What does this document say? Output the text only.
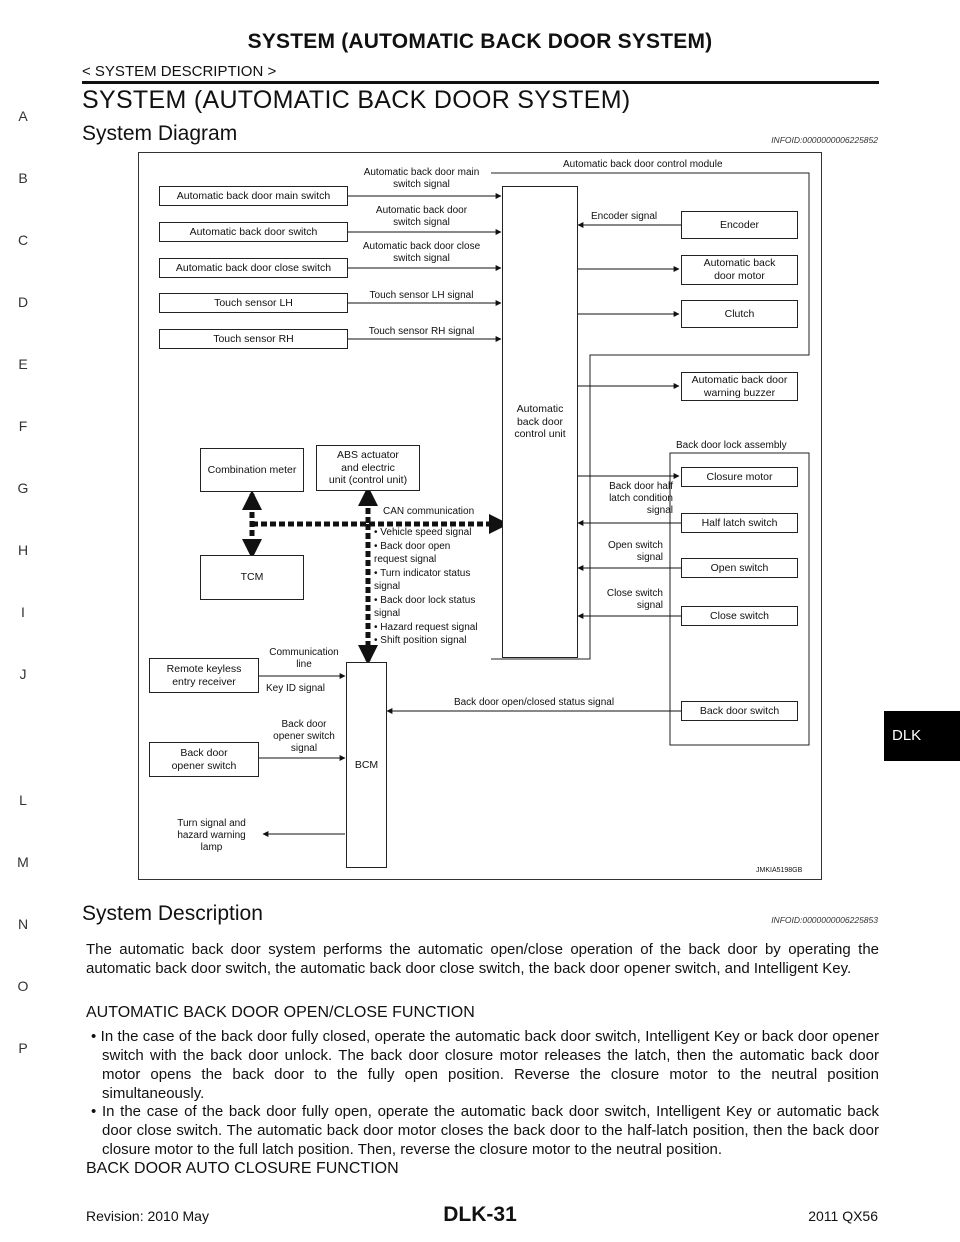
SYSTEM (AUTOMATIC BACK DOOR SYSTEM)
< SYSTEM DESCRIPTION >
SYSTEM (AUTOMATIC BACK DOOR SYSTEM)
System Diagram	INFOID:0000000006225852
A
B
C
D
E
F
G
H
I
J
DLK
L
M
N
O
P
Automatic back door control module
Automatic back door main switch
Automatic back door switch
Automatic back door close switch
Touch sensor LH
Touch sensor RH
Automatic back door main
switch signal
Automatic back door
switch signal
Automatic back door close
switch signal
Touch sensor LH signal
Touch sensor RH signal
Automatic
back door
control unit
Encoder signal
Encoder
Automatic back
door motor
Clutch
Automatic back door
warning buzzer
Back door lock assembly
Closure motor
Half latch switch
Open switch
Close switch
Back door switch
Back door half
latch condition
signal
Open switch
signal
Close switch
signal
Combination meter
ABS actuator
and electric
unit (control unit)
TCM
CAN communication
• Vehicle speed signal
• Back door open
request signal
• Turn indicator status
signal
• Back door lock status
signal
• Hazard request signal
• Shift position signal
Remote keyless
entry receiver
Communication
line
Key ID signal
Back door
opener switch
Back door
opener switch
signal
Turn signal and
hazard warning
lamp
BCM
Back door open/closed status signal
JMKIA5198GB
System Description	INFOID:0000000006225853
The automatic back door system performs the automatic open/close operation of the back door by operating the automatic back door switch, the automatic back door close switch, the back door opener switch, and Intelligent Key.
AUTOMATIC BACK DOOR OPEN/CLOSE FUNCTION
• In the case of the back door fully closed, operate the automatic back door switch, Intelligent Key or back door opener switch with the back door unlock. The back door closure motor releases the latch, then the automatic back door motor opens the back door to the fully open position. Reverse the closure motor to the neutral position simultaneously.
• In the case of the back door fully open, operate the automatic back door switch, Intelligent Key or automatic back door close switch. The automatic back door motor closes the back door to the half-latch position, then the back door closure motor to the full latch position. Then, reverse the closure motor to the neutral position.
BACK DOOR AUTO CLOSURE FUNCTION
Revision: 2010 May	DLK-31	2011 QX56
